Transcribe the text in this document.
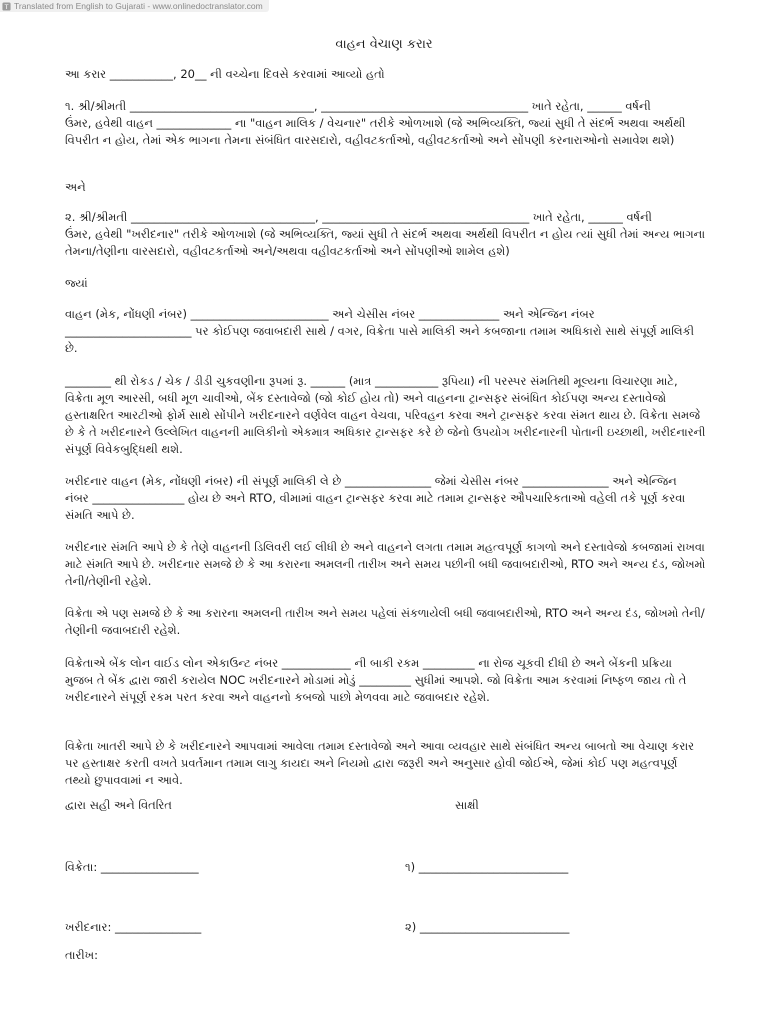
T Translated from English to Gujarati - www.onlinedoctranslator.com
વાહન વેચાણ કરાર
આ કરાર ___________, 20__ ની વચ્ચેના દિવસે કરવામાં આવ્યો હતો
૧. શ્રી/શ્રીમતી ________________________________, ____________________________________ ખાતે રહેતા, ______ વર્ષની
ઉંમર, હવેથી વાહન _____________ ના "વાહન માલિક / વેચનાર" તરીકે ઓળખાશે (જે અભિવ્યક્તિ, જ્યાં સુધી તે સંદર્ભ અથવા અર્થથી
વિપરીત ન હોય, તેમાં એક ભાગના તેમના સંબંધિત વારસદારો, વહીવટકર્તાઓ, વહીવટકર્તાઓ અને સોંપણી કરનારાઓનો સમાવેશ થશે)
અને
૨. શ્રી/શ્રીમતી ________________________________, ____________________________________ ખાતે રહેતા, ______ વર્ષની
ઉંમર, હવેથી "ખરીદનાર" તરીકે ઓળખાશે (જે અભિવ્યક્તિ, જ્યાં સુધી તે સંદર્ભ અથવા અર્થથી વિપરીત ન હોય ત્યાં સુધી તેમાં અન્ય ભાગના
તેમના/તેણીના વારસદારો, વહીવટકર્તાઓ અને/અથવા વહીવટકર્તાઓ અને સોંપણીઓ શામેલ હશે)
જ્યાં
વાહન (મેક, નોંધણી નંબર) ________________________ અને ચેસીસ નંબર ______________ અને એન્જિન નંબર
______________________ પર કોઈપણ જવાબદારી સાથે / વગર, વિક્રેતા પાસે માલિકી અને કબજાના તમામ અધિકારો સાથે સંપૂર્ણ માલિકી
છે.
________ થી રોકડ / ચેક / ડીડી ચુકવણીના રૂપમાં રૂ. ______ (માત્ર ___________ રૂપિયા) ની પરસ્પર સંમતિથી મૂલ્યના વિચારણા માટે,
વિક્રેતા મૂળ આરસી, બધી મૂળ ચાવીઓ, બેંક દસ્તાવેજો (જો કોઈ હોય તો) અને વાહનના ટ્રાન્સફર સંબંધિત કોઈપણ અન્ય દસ્તાવેજો
હસ્તાક્ષરિત આરટીઓ ફોર્મ સાથે સોંપીને ખરીદનારને વર્ણવેલ વાહન વેચવા, પરિવહન કરવા અને ટ્રાન્સફર કરવા સંમત થાય છે. વિક્રેતા સમજે
છે કે તે ખરીદનારને ઉલ્લેખિત વાહનની માલિકીનો એકમાત્ર અધિકાર ટ્રાન્સફર કરે છે જેનો ઉપયોગ ખરીદનારની પોતાની ઇચ્છાથી, ખરીદનારની
સંપૂર્ણ વિવેકબુદ્ધિથી થશે.
ખરીદનાર વાહન (મેક, નોંધણી નંબર) ની સંપૂર્ણ માલિકી લે છે _______________ જેમાં ચેસીસ નંબર _______________ અને એન્જિન
નંબર ________________ હોય છે અને RTO, વીમામાં વાહન ટ્રાન્સફર કરવા માટે તમામ ટ્રાન્સફર ઔપચારિકતાઓ વહેલી તકે પૂર્ણ કરવા
સંમતિ આપે છે.
ખરીદનાર સંમતિ આપે છે કે તેણે વાહનની ડિલિવરી લઈ લીધી છે અને વાહનને લગતા તમામ મહત્વપૂર્ણ કાગળો અને દસ્તાવેજો કબજામાં રાખવા
માટે સંમતિ આપે છે. ખરીદનાર સમજે છે કે આ કરારના અમલની તારીખ અને સમય પછીની બધી જવાબદારીઓ, RTO અને અન્ય દંડ, જોખમો
તેની/તેણીની રહેશે.
વિક્રેતા એ પણ સમજે છે કે આ કરારના અમલની તારીખ અને સમય પહેલાં સંકળાયેલી બધી જવાબદારીઓ, RTO અને અન્ય દંડ, જોખમો તેની/
તેણીની જવાબદારી રહેશે.
વિક્રેતાએ બેંક લોન વાઈડ લોન એકાઉન્ટ નંબર ____________ ની બાકી રકમ _________ ના રોજ ચૂકવી દીધી છે અને બેંકની પ્રક્રિયા
મુજબ તે બેંક દ્વારા જારી કરાયેલ NOC ખરીદનારને મોડામાં મોડું _________ સુધીમાં આપશે. જો વિક્રેતા આમ કરવામાં નિષ્ફળ જાય તો તે
ખરીદનારને સંપૂર્ણ રકમ પરત કરવા અને વાહનનો કબજો પાછો મેળવવા માટે જવાબદાર રહેશે.
વિક્રેતા ખાતરી આપે છે કે ખરીદનારને આપવામાં આવેલા તમામ દસ્તાવેજો અને આવા વ્યવહાર સાથે સંબંધિત અન્ય બાબતો આ વેચાણ કરાર
પર હસ્તાક્ષર કરતી વખતે પ્રવર્તમાન તમામ લાગુ કાયદા અને નિયમો દ્વારા જરૂરી અને અનુસાર હોવી જોઈએ, જેમાં કોઈ પણ મહત્વપૂર્ણ
તથ્યો છુપાવવામાં ન આવે.
દ્વારા સહી અને વિતરિત	સાક્ષી
વિક્રેતા: _________________	૧) __________________________
ખરીદનાર: _______________	૨) __________________________
તારીખ:
